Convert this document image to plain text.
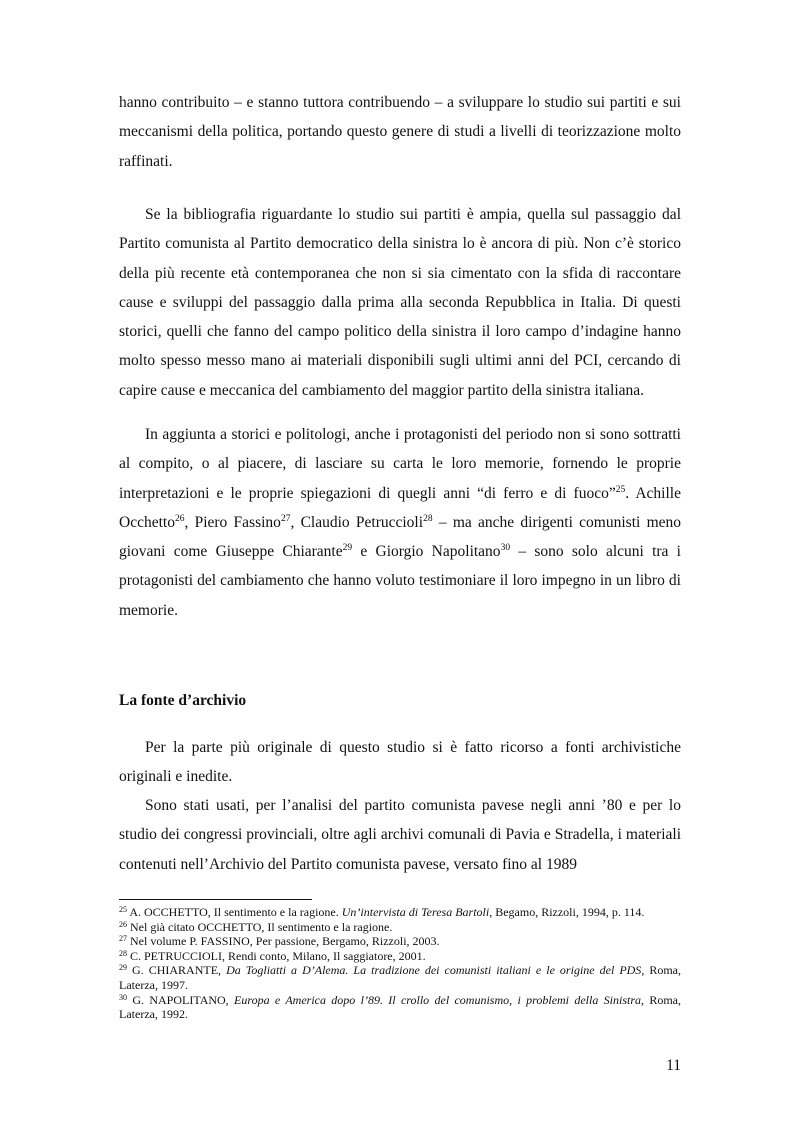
hanno contribuito – e stanno tuttora contribuendo – a sviluppare lo studio sui partiti e sui meccanismi della politica, portando questo genere di studi a livelli di teorizzazione molto raffinati.

Se la bibliografia riguardante lo studio sui partiti è ampia, quella sul passaggio dal Partito comunista al Partito democratico della sinistra lo è ancora di più. Non c’è storico della più recente età contemporanea che non si sia cimentato con la sfida di raccontare cause e sviluppi del passaggio dalla prima alla seconda Repubblica in Italia. Di questi storici, quelli che fanno del campo politico della sinistra il loro campo d’indagine hanno molto spesso messo mano ai materiali disponibili sugli ultimi anni del PCI, cercando di capire cause e meccanica del cambiamento del maggior partito della sinistra italiana.

In aggiunta a storici e politologi, anche i protagonisti del periodo non si sono sottratti al compito, o al piacere, di lasciare su carta le loro memorie, fornendo le proprie interpretazioni e le proprie spiegazioni di quegli anni “di ferro e di fuoco”$^{25}$. Achille Occhetto$^{26}$, Piero Fassino$^{27}$, Claudio Petruccioli$^{28}$ – ma anche dirigenti comunisti meno giovani come Giuseppe Chiarante$^{29}$ e Giorgio Napolitano$^{30}$ – sono solo alcuni tra i protagonisti del cambiamento che hanno voluto testimoniare il loro impegno in un libro di memorie.

La fonte d’archivio

Per la parte più originale di questo studio si è fatto ricorso a fonti archivistiche originali e inedite.

Sono stati usati, per l’analisi del partito comunista pavese negli anni ’80 e per lo studio dei congressi provinciali, oltre agli archivi comunali di Pavia e Stradella, i materiali contenuti nell’Archivio del Partito comunista pavese, versato fino al 1989

$^{25}$ A. OCCHETTO, Il sentimento e la ragione. Un’intervista di Teresa Bartoli, Begamo, Rizzoli, 1994, p. 114.

$^{26}$ Nel già citato OCCHETTO, Il sentimento e la ragione.

$^{27}$ Nel volume P. FASSINO, Per passione, Bergamo, Rizzoli, 2003.

$^{28}$ C. PETRUCCIOLI, Rendi conto, Milano, Il saggiatore, 2001.

$^{29}$ G. CHIARANTE, Da Togliatti a D’Alema. La tradizione dei comunisti italiani e le origine del PDS, Roma, Laterza, 1997.

$^{30}$ G. NAPOLITANO, Europa e America dopo l’89. Il crollo del comunismo, i problemi della Sinistra, Roma, Laterza, 1992.

11
